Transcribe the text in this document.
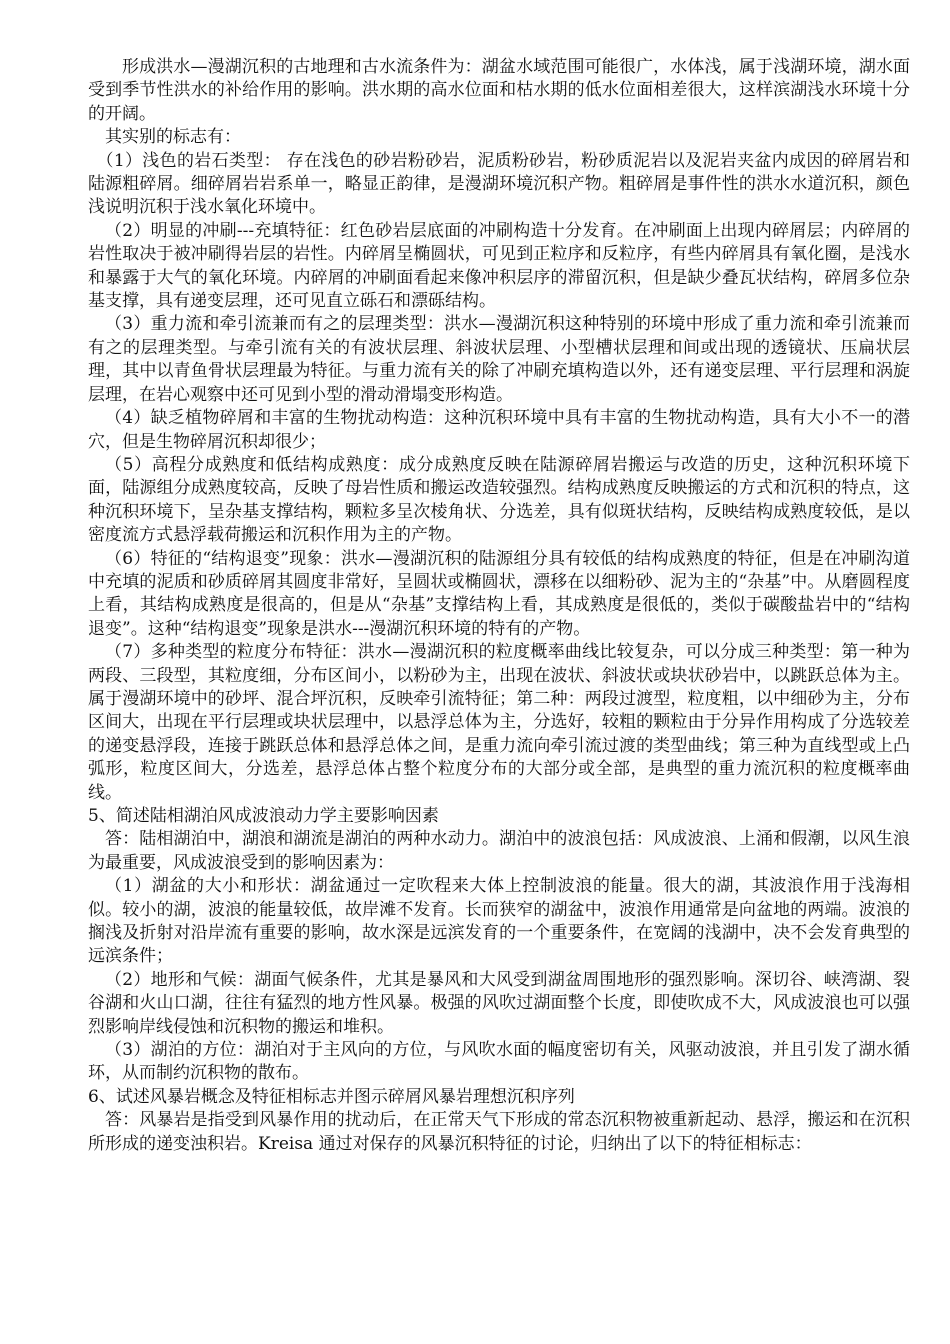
形成洪水—漫湖沉积的古地理和古水流条件为：湖盆水域范围可能很广，水体浅，属于浅湖环境，湖水面受到季节性洪水的补给作用的影响。洪水期的高水位面和枯水期的低水位面相差很大，这样滨湖浅水环境十分的开阔。

其实别的标志有：

（1）浅色的岩石类型： 存在浅色的砂岩粉砂岩，泥质粉砂岩，粉砂质泥岩以及泥岩夹盆内成因的碎屑岩和陆源粗碎屑。细碎屑岩岩系单一，略显正韵律，是漫湖环境沉积产物。粗碎屑是事件性的洪水水道沉积，颜色浅说明沉积于浅水氧化环境中。

（2）明显的冲刷---充填特征：红色砂岩层底面的冲刷构造十分发育。在冲刷面上出现内碎屑层；内碎屑的岩性取决于被冲刷得岩层的岩性。内碎屑呈椭圆状，可见到正粒序和反粒序，有些内碎屑具有氧化圈，是浅水和暴露于大气的氧化环境。内碎屑的冲刷面看起来像冲积层序的滞留沉积，但是缺少叠瓦状结构，碎屑多位杂基支撑，具有递变层理，还可见直立砾石和漂砾结构。

（3）重力流和牵引流兼而有之的层理类型：洪水—漫湖沉积这种特别的环境中形成了重力流和牵引流兼而有之的层理类型。与牵引流有关的有波状层理、斜波状层理、小型槽状层理和间或出现的透镜状、压扁状层理，其中以青鱼骨状层理最为特征。与重力流有关的除了冲刷充填构造以外，还有递变层理、平行层理和涡旋层理，在岩心观察中还可见到小型的滑动滑塌变形构造。

（4）缺乏植物碎屑和丰富的生物扰动构造：这种沉积环境中具有丰富的生物扰动构造，具有大小不一的潜穴，但是生物碎屑沉积却很少；

（5）高程分成熟度和低结构成熟度：成分成熟度反映在陆源碎屑岩搬运与改造的历史，这种沉积环境下面，陆源组分成熟度较高，反映了母岩性质和搬运改造较强烈。结构成熟度反映搬运的方式和沉积的特点，这种沉积环境下，呈杂基支撑结构，颗粒多呈次棱角状、分选差，具有似斑状结构，反映结构成熟度较低，是以密度流方式悬浮载荷搬运和沉积作用为主的产物。

（6）特征的“结构退变”现象：洪水—漫湖沉积的陆源组分具有较低的结构成熟度的特征，但是在冲刷沟道中充填的泥质和砂质碎屑其圆度非常好，呈圆状或椭圆状，漂移在以细粉砂、泥为主的“杂基”中。从磨圆程度上看，其结构成熟度是很高的，但是从“杂基”支撑结构上看，其成熟度是很低的，类似于碳酸盐岩中的“结构退变”。这种“结构退变”现象是洪水---漫湖沉积环境的特有的产物。

（7）多种类型的粒度分布特征：洪水—漫湖沉积的粒度概率曲线比较复杂，可以分成三种类型：第一种为两段、三段型，其粒度细，分布区间小，以粉砂为主，出现在波状、斜波状或块状砂岩中，以跳跃总体为主。属于漫湖环境中的砂坪、混合坪沉积，反映牵引流特征；第二种：两段过渡型，粒度粗，以中细砂为主，分布区间大，出现在平行层理或块状层理中，以悬浮总体为主，分选好，较粗的颗粒由于分异作用构成了分选较差的递变悬浮段，连接于跳跃总体和悬浮总体之间，是重力流向牵引流过渡的类型曲线；第三种为直线型或上凸弧形，粒度区间大，分选差，悬浮总体占整个粒度分布的大部分或全部，是典型的重力流沉积的粒度概率曲线。

5、简述陆相湖泊风成波浪动力学主要影响因素

答：陆相湖泊中，湖浪和湖流是湖泊的两种水动力。湖泊中的波浪包括：风成波浪、上涌和假潮，以风生浪为最重要，风成波浪受到的影响因素为：

（1）湖盆的大小和形状：湖盆通过一定吹程来大体上控制波浪的能量。很大的湖，其波浪作用于浅海相似。较小的湖，波浪的能量较低，故岸滩不发育。长而狭窄的湖盆中，波浪作用通常是向盆地的两端。波浪的搁浅及折射对沿岸流有重要的影响，故水深是远滨发育的一个重要条件，在宽阔的浅湖中，决不会发育典型的远滨条件；

（2）地形和气候：湖面气候条件，尤其是暴风和大风受到湖盆周围地形的强烈影响。深切谷、峡湾湖、裂谷湖和火山口湖，往往有猛烈的地方性风暴。极强的风吹过湖面整个长度，即使吹成不大，风成波浪也可以强烈影响岸线侵蚀和沉积物的搬运和堆积。

（3）湖泊的方位：湖泊对于主风向的方位，与风吹水面的幅度密切有关，风驱动波浪，并且引发了湖水循环，从而制约沉积物的散布。

6、试述风暴岩概念及特征相标志并图示碎屑风暴岩理想沉积序列

答：风暴岩是指受到风暴作用的扰动后，在正常天气下形成的常态沉积物被重新起动、悬浮，搬运和在沉积所形成的递变浊积岩。Kreisa 通过对保存的风暴沉积特征的讨论，归纳出了以下的特征相标志：
